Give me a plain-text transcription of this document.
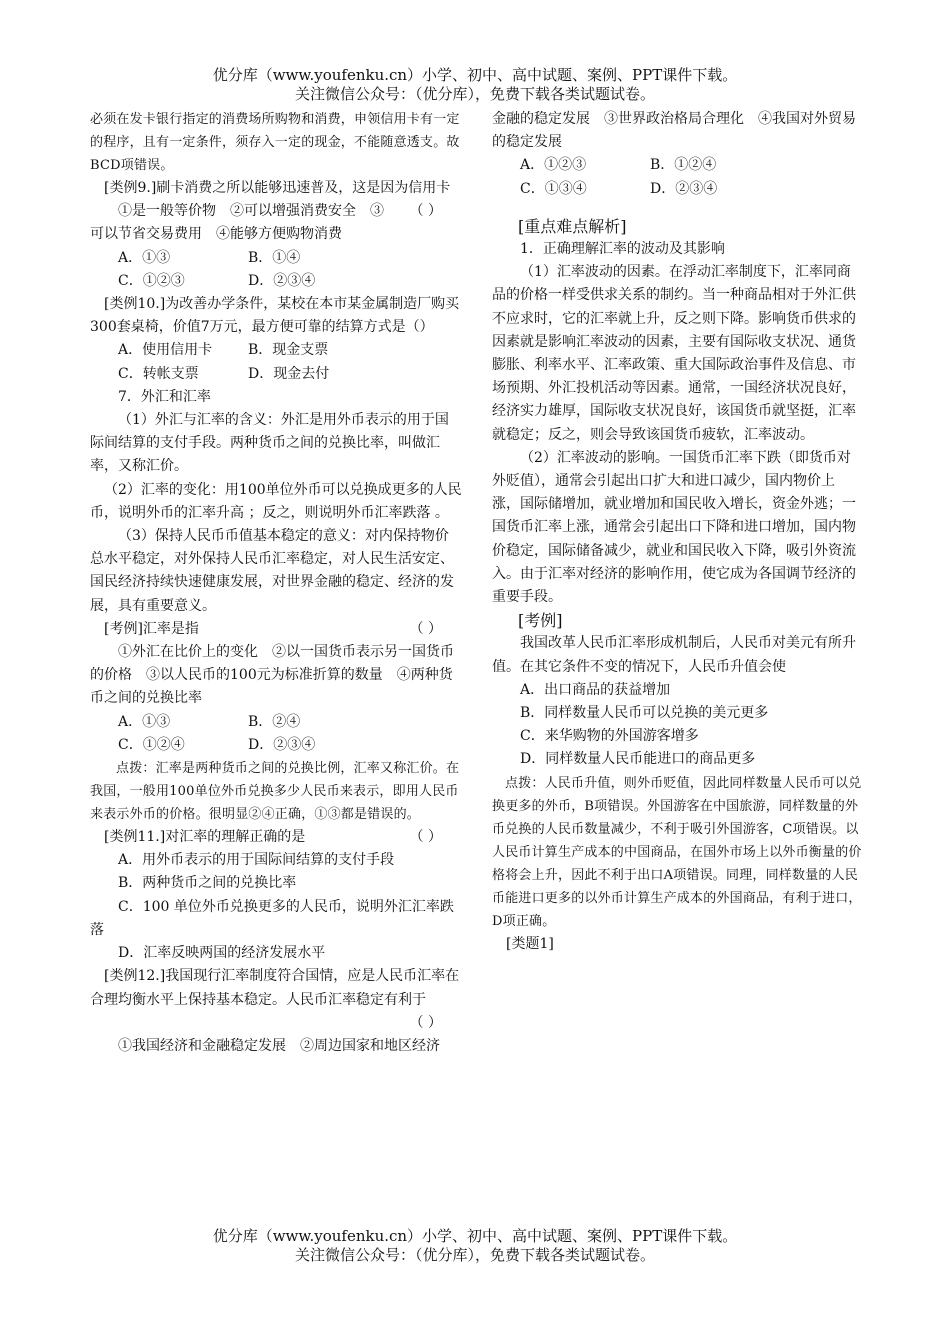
优分库（www.youfenku.cn）小学、初中、高中试题、案例、PPT课件下载。
关注微信公众号：（优分库），免费下载各类试题试卷。

必须在发卡银行指定的消费场所购物和消费，申领信用卡有一定的程序，且有一定条件，须存入一定的现金，不能随意透支。故BCD项错误。

[类例9.]刷卡消费之所以能够迅速普及，这是因为信用卡
（ ）

①是一般等价物　②可以增强消费安全　③可以节省交易费用　④能够方便购物消费

A．①③	B．①④
C．①②③	D．②③④

[类例10.]为改善办学条件，某校在本市某金属制造厂购买300套桌椅，价值7万元，最方便可靠的结算方式是（）

A．使用信用卡	B．现金支票
C．转帐支票	D．现金去付

7．外汇和汇率

（1）外汇与汇率的含义：外汇是用外币表示的用于国际间结算的支付手段。两种货币之间的兑换比率，叫做汇率，又称汇价。

（2）汇率的变化：用100单位外币可以兑换成更多的人民币，说明外币的汇率升高 ；反之，则说明外币汇率跌落 。

（3）保持人民币币值基本稳定的意义：对内保持物价总水平稳定，对外保持人民币汇率稳定，对人民生活安定、国民经济持续快速健康发展，对世界金融的稳定、经济的发展，具有重要意义。

[考例]汇率是指	（ ）

①外汇在比价上的变化　②以一国货币表示另一国货币的价格　③以人民币的100元为标准折算的数量　④两种货币之间的兑换比率

A．①③	B．②④
C．①②④	D．②③④

点拨：汇率是两种货币之间的兑换比例，汇率又称汇价。在我国，一般用100单位外币兑换多少人民币来表示，即用人民币来表示外币的价格。很明显②④正确，①③都是错误的。

[类例11.]对汇率的理解正确的是	（ ）

A．用外币表示的用于国际间结算的支付手段

B．两种货币之间的兑换比率

C．100 单位外币兑换更多的人民币，说明外汇汇率跌落

D．汇率反映两国的经济发展水平

[类例12.]我国现行汇率制度符合国情，应是人民币汇率在合理均衡水平上保持基本稳定。人民币汇率稳定有利于

（ ）

①我国经济和金融稳定发展　②周边国家和地区经济

金融的稳定发展　③世界政治格局合理化　④我国对外贸易的稳定发展

A．①②③	B．①②④
C．①③④	D．②③④

[重点难点解析]

1．正确理解汇率的波动及其影响

（1）汇率波动的因素。在浮动汇率制度下，汇率同商品的价格一样受供求关系的制约。当一种商品相对于外汇供不应求时，它的汇率就上升，反之则下降。影响货币供求的因素就是影响汇率波动的因素，主要有国际收支状况、通货膨胀、利率水平、汇率政策、重大国际政治事件及信息、市场预期、外汇投机活动等因素。通常，一国经济状况良好，经济实力雄厚，国际收支状况良好，该国货币就坚挺，汇率就稳定；反之，则会导致该国货币疲软，汇率波动。

（2）汇率波动的影响。一国货币汇率下跌（即货币对外贬值），通常会引起出口扩大和进口减少，国内物价上涨，国际储增加，就业增加和国民收入增长，资金外逃；一国货币汇率上涨，通常会引起出口下降和进口增加，国内物价稳定，国际储备减少，就业和国民收入下降，吸引外资流入。由于汇率对经济的影响作用，使它成为各国调节经济的重要手段。

[考例]

我国改革人民币汇率形成机制后，人民币对美元有所升值。在其它条件不变的情况下，人民币升值会使

A．出口商品的获益增加

B．同样数量人民币可以兑换的美元更多

C．来华购物的外国游客增多

D．同样数量人民币能进口的商品更多

点拨：人民币升值，则外币贬值，因此同样数量人民币可以兑换更多的外币，B项错误。外国游客在中国旅游，同样数量的外币兑换的人民币数量减少，不利于吸引外国游客，C项错误。以人民币计算生产成本的中国商品，在国外市场上以外币衡量的价格将会上升，因此不利于出口A项错误。同理，同样数量的人民币能进口更多的以外币计算生产成本的外国商品，有利于进口，D项正确。

[类题1]

优分库（www.youfenku.cn）小学、初中、高中试题、案例、PPT课件下载。
关注微信公众号：（优分库），免费下载各类试题试卷。
